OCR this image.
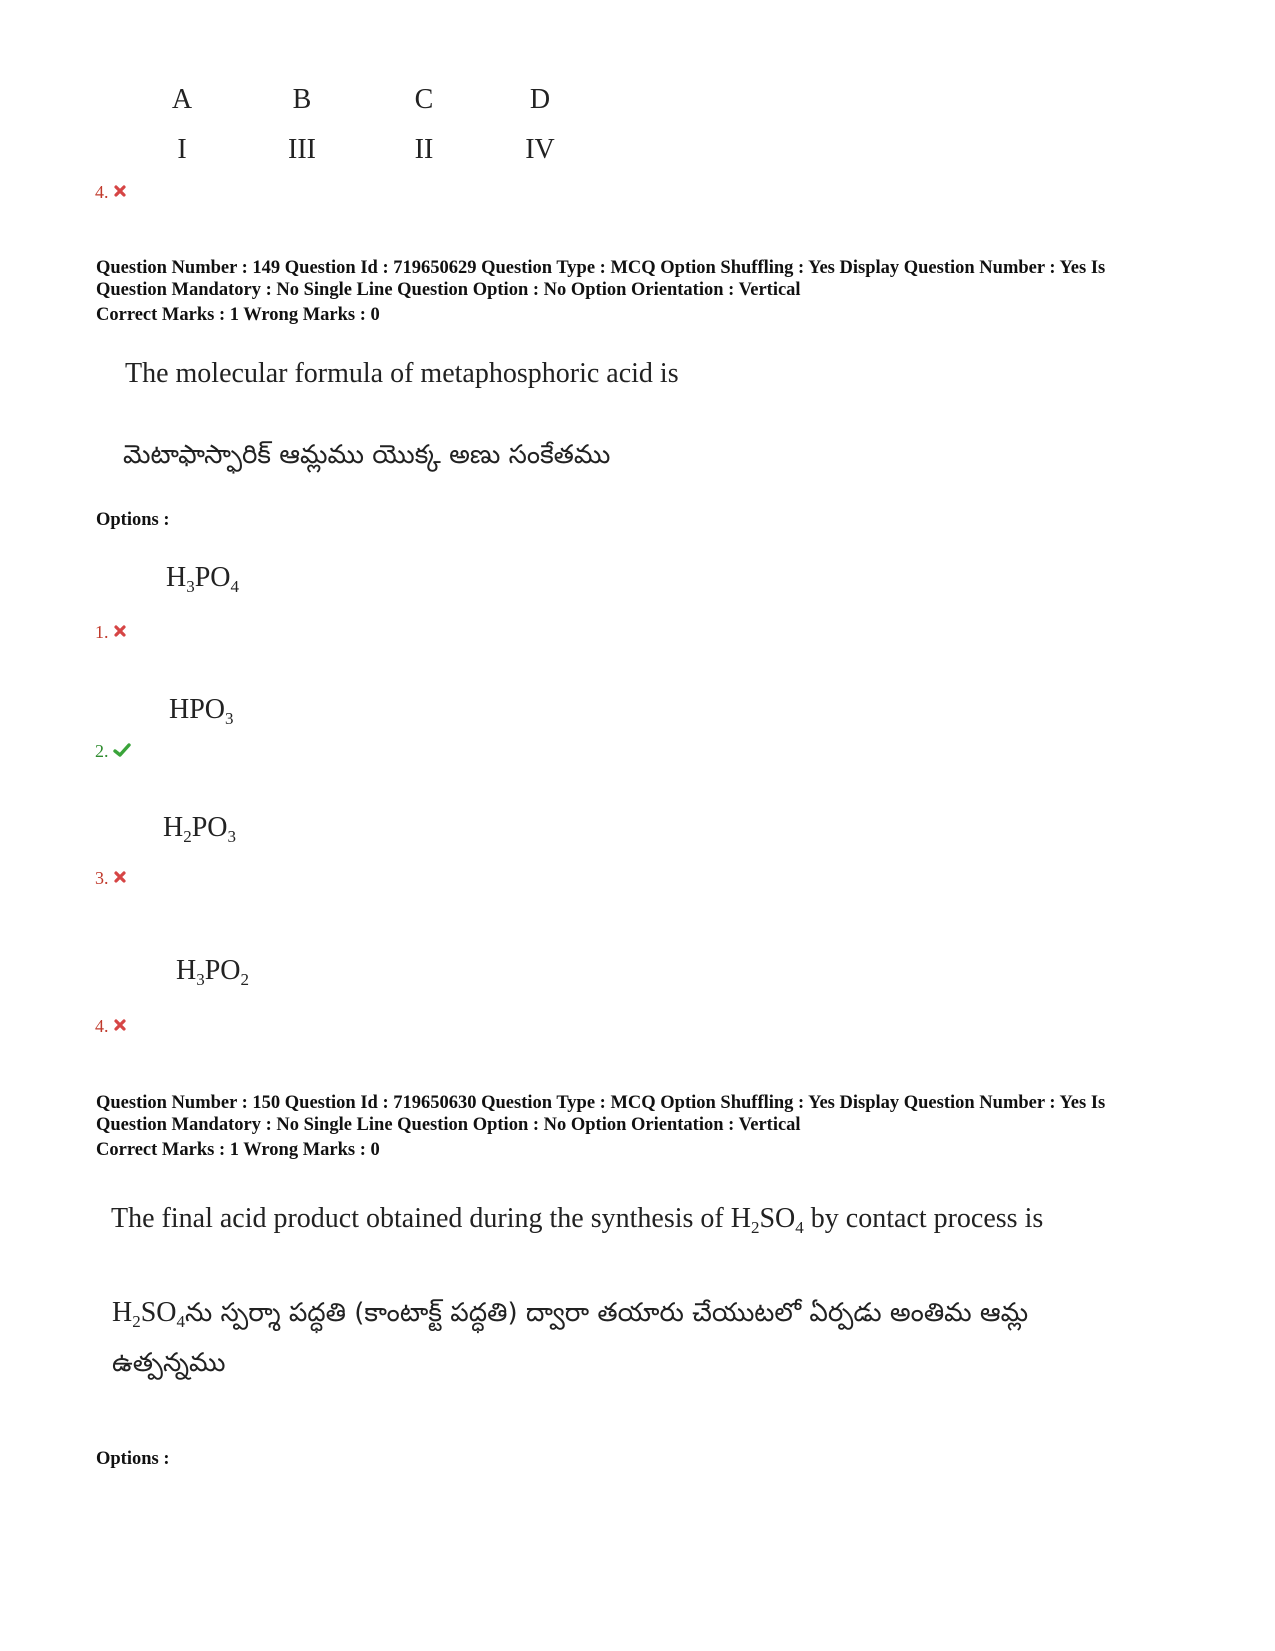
A	B	C	D
I	III	II	IV
4.
Question Number : 149 Question Id : 719650629 Question Type : MCQ Option Shuffling : Yes Display Question Number : Yes Is
Question Mandatory : No Single Line Question Option : No Option Orientation : Vertical
Correct Marks : 1 Wrong Marks : 0
The molecular formula of metaphosphoric acid is
మెటాఫాస్ఫారిక్ ఆమ్లము యొక్క అణు సంకేతము
Options :
$H_3PO_4$
1.
$HPO_3$
2.
$H_2PO_3$
3.
$H_3PO_2$
4.
Question Number : 150 Question Id : 719650630 Question Type : MCQ Option Shuffling : Yes Display Question Number : Yes Is
Question Mandatory : No Single Line Question Option : No Option Orientation : Vertical
Correct Marks : 1 Wrong Marks : 0
The final acid product obtained during the synthesis of $H_2SO_4$ by contact process is
$H_2SO_4ను$ స్పర్శా పద్ధతి (కాంటాక్ట్ పద్ధతి) ద్వారా తయారు చేయుటలో ఏర్పడు అంతిమ ఆమ్ల
ఉత్పన్నము
Options :
